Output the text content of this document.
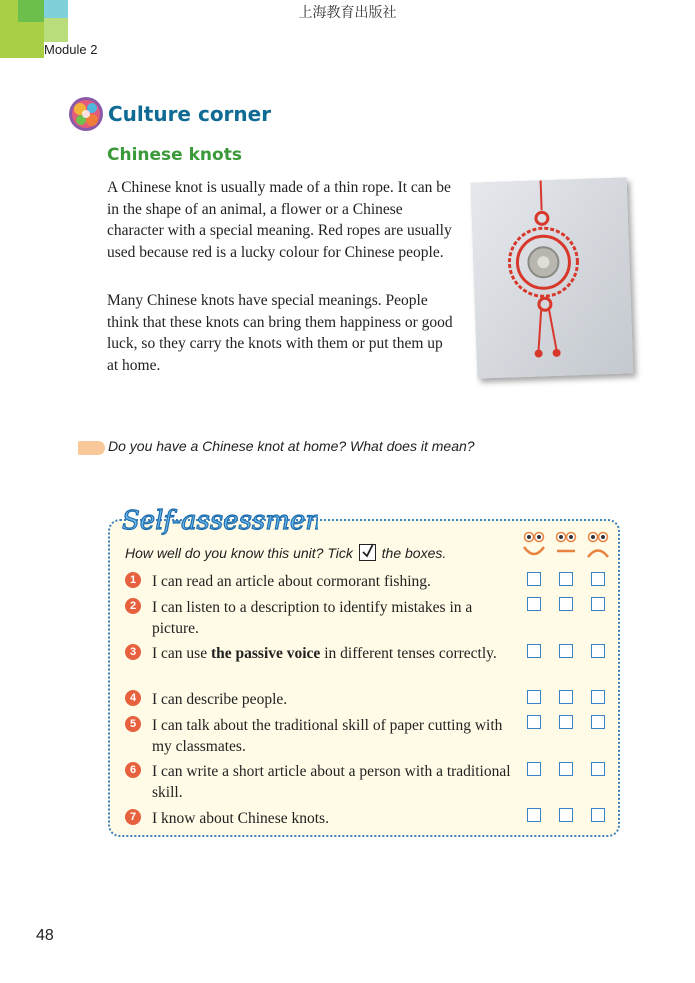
上海教育出版社
Module 2
Culture corner
Chinese knots

A Chinese knot is usually made of a thin rope. It can be in the shape of an animal, a flower or a Chinese character with a special meaning. Red ropes are usually used because red is a lucky colour for Chinese people.

Many Chinese knots have special meanings. People think that these knots can bring them happiness or good luck, so they carry the knots with them or put them up at home.

Do you have a Chinese knot at home? What does it mean?
Self-assessment
How well do you know this unit? Tick the boxes.
1	I can read an article about cormorant fishing.
2	I can listen to a description to identify mistakes in a picture.
3	I can use the passive voice in different tenses correctly.
4	I can describe people.
5	I can talk about the traditional skill of paper cutting with my classmates.
6	I can write a short article about a person with a traditional skill.
7	I know about Chinese knots.
48
